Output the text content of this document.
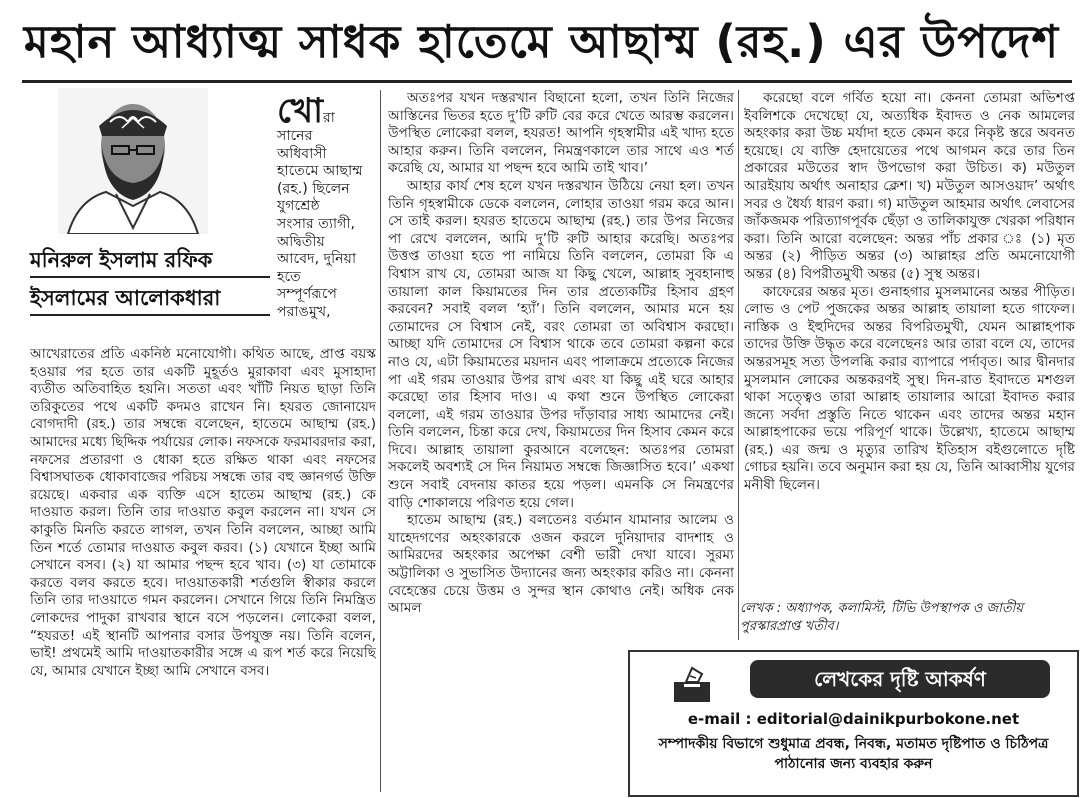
মহান আধ্যাত্ম সাধক হাতেমে আছাম্ম (রহ.) এর উপদেশ
মনিরুল ইসলাম রফিক
ইসলামের আলোকধারা
খোরা
সানের
অধিবাসী
হাতেমে আছাম্ম
(রহ.) ছিলেন
যুগশ্রেষ্ঠ
সংসার ত্যাগী,
অদ্বিতীয়
আবেদ, দুনিয়া
হতে
সম্পূর্ণরূপে
পরাঙমুখ,

আখেরাতের প্রতি একনিষ্ঠ মনোযোগী। কথিত আছে, প্রাপ্ত বয়স্ক হওয়ার পর হতে তার একটি মুহূর্তও মুরাকাবা এবং মুসাহাদা ব্যতীত অতিবাহিত হয়নি। সততা এবং খাঁটি নিয়ত ছাড়া তিনি তরিকুতের পথে একটি কদমও রাখেন নি। হযরত জোনায়েদ বোগদাদী (রহ.) তার সম্বন্ধে বলেছেন, হাতেমে আছাম্ম (রহ.) আমাদের মধ্যে ছিদ্দিক পর্যায়ের লোক। নফসকে ফরমাবরদার করা, নফসের প্রতারণা ও ধোকা হতে রক্ষিত থাকা এবং নফসের বিশ্বাসঘাতক ধোকাবাজের পরিচয় সম্বন্ধে তার বহু জ্ঞানগর্ভ উক্তি রয়েছে। একবার এক ব্যক্তি এসে হাতেম আছাম্ম (রহ.) কে দাওয়াত করল। তিনি তার দাওয়াত কবুল করলেন না। যখন সে কাকুতি মিনতি করতে লাগল, তখন তিনি বললেন, আচ্ছা আমি তিন শর্তে তোমার দাওয়াত কবুল করব। (১) যেখানে ইচ্ছা আমি সেখানে বসব। (২) যা আমার পছন্দ হবে খাব। (৩) যা তোমাকে করতে বলব করতে হবে। দাওয়াতকারী শর্তগুলি স্বীকার করলে তিনি তার দাওয়াতে গমন করলেন। সেখানে গিয়ে তিনি নিমন্ত্রিত লোকদের পাদুকা রাখবার স্থানে বসে পড়লেন। লোকেরা বলল, “হযরত! এই স্থানটি আপনার বসার উপযুক্ত নয়। তিনি বলেন, ভাই! প্রথমেই আমি দাওয়াতকারীর সঙ্গে এ রূপ শর্ত করে নিয়েছি যে, আমার যেখানে ইচ্ছা আমি সেখানে বসব।

অতঃপর যখন দস্তরখান বিছানো হলো, তখন তিনি নিজের আস্তিনের ভিতর হতে দু’টি রুটি বের করে খেতে আরম্ভ করলেন। উপস্থিত লোকেরা বলল, হযরত! আপনি গৃহস্বামীর এই খাদ্য হতে আহার করুন। তিনি বললেন, নিমন্ত্রণকালে তার সাথে এও শর্ত করেছি যে, আমার যা পছন্দ হবে আমি তাই খাব।’

আহার কার্য শেষ হলে যখন দস্তরখান উঠিয়ে নেয়া হল। তখন তিনি গৃহস্বামীকে ডেকে বললেন, লোহার তাওয়া গরম করে আন। সে তাই করল। হযরত হাতেমে আছাম্ম (রহ.) তার উপর নিজের পা রেখে বললেন, আমি দু’টি রুটি আহার করেছি। অতঃপর উত্তপ্ত তাওয়া হতে পা নামিয়ে তিনি বললেন, তোমরা কি এ বিশ্বাস রাখ যে, তোমরা আজ যা কিছু খেলে, আল্লাহ সুবহানাহু তায়ালা কাল কিয়ামতের দিন তার প্রত্যেকটির হিসাব গ্রহণ করবেন? সবাই বলল ‘হ্যাঁ’। তিনি বললেন, আমার মনে হয় তোমাদের সে বিশ্বাস নেই, বরং তোমরা তা অবিশ্বাস করছো। আচ্ছা যদি তোমাদের সে বিশ্বাস থাকে তবে তোমরা কল্পনা করে নাও যে, এটা কিয়ামতের ময়দান এবং পালাক্রমে প্রত্যেকে নিজের পা এই গরম তাওয়ার উপর রাখ এবং যা কিছু এই ঘরে আহার করেছো তার হিসাব দাও। এ কথা শুনে উপস্থিত লোকেরা বললো, এই গরম তাওয়ার উপর দাঁড়াবার সাধ্য আমাদের নেই। তিনি বললেন, চিন্তা করে দেখ, কিয়ামতের দিন হিসাব কেমন করে দিবে। আল্লাহ তায়ালা কুরআনে বলেছেন: অতঃপর তোমরা সকলেই অবশ্যই সে দিন নিয়ামত সম্বন্ধে জিজ্ঞাসিত হবে।’ একথা শুনে সবাই বেদনায় কাতর হয়ে পড়ল। এমনকি সে নিমন্ত্রণের বাড়ি শোকালয়ে পরিণত হয়ে গেল।

হাতেম আছাম্ম (রহ.) বলতেনঃ বর্তমান যামানার আলেম ও যাহেদগণের অহংকারকে ওজন করলে দুনিয়াদার বাদশাহ ও আমিরদের অহংকার অপেক্ষা বেশী ভারী দেখা যাবে। সুরম্য অট্টালিকা ও সুভাসিত উদ্যানের জন্য অহংকার করিও না। কেননা বেহেস্তের চেয়ে উত্তম ও সুন্দর স্থান কোথাও নেই। অধিক নেক আমল

করেছো বলে গর্বিত হয়ো না। কেননা তোমরা অভিশপ্ত ইবলিশকে দেখেছো যে, অত্যধিক ইবাদত ও নেক আমলের অহংকার করা উচ্চ মর্যাদা হতে কেমন করে নিকৃষ্ট স্তরে অবনত হয়েছে। যে ব্যক্তি হেদায়েতের পথে আগমন করে তার তিন প্রকারের মউতের স্বাদ উপভোগ করা উচিত। ক) মউতুল আরইয়ায অর্থাৎ অনাহার ক্লেশ। খ) মউতুল আসওয়াদ’ অর্থাৎ সবর ও ধৈর্য্য ধারণ করা। গ) মাউতুল আহমার অর্থাৎ লেবাসের জাঁকজমক পরিত্যাগপূর্বক ছেঁড়া ও তালিকাযুক্ত খেরকা পরিধান করা। তিনি আরো বলেছেন: অন্তর পাঁচ প্রকার ঃ (১) মৃত অন্তর (২) পীড়িত অন্তর (৩) আল্লাহর প্রতি অমনোযোগী অন্তর (৪) বিপরীতমুখী অন্তর (৫) সুস্থ অন্তর।

কাফেরের অন্তর মৃত। গুনাহগার মুসলমানের অন্তর পীড়িত। লোভ ও পেট পুজকের অন্তর আল্লাহ তায়ালা হতে গাফেল। নাস্তিক ও ইহুদিদের অন্তর বিপরিতমুখী, যেমন আল্লাহপাক তাদের উক্তি উদ্ধৃত করে বলেছেনঃ আর তারা বলে যে, তাদের অন্তরসমূহ সত্য উপলব্ধি করার ব্যাপারে পর্দাবৃত। আর দ্বীনদার মুসলমান লোকের অন্তকরণই সুস্থ। দিন-রাত ইবাদতে মশগুল থাকা সত্ত্বেও তারা আল্লাহ তায়ালার আরো ইবাদত করার জন্যে সর্বদা প্রস্তুতি নিতে থাকেন এবং তাদের অন্তর মহান আল্লাহপাকের ভয়ে পরিপূর্ণ থাকে। উল্লেখ্য, হাতেমে আছাম্ম (রহ.) এর জন্ম ও মৃত্যুর তারিখ ইতিহাস বইগুলোতে দৃষ্টি গোচর হয়নি। তবে অনুমান করা হয় যে, তিনি আব্বাসীয় যুগের মনীষী ছিলেন।

লেখক : অধ্যাপক, কলামিস্ট, টিভি উপস্থাপক ও জাতীয় পুরস্কারপ্রাপ্ত খতীব।
লেখকের দৃষ্টি আকর্ষণ
e-mail : editorial@dainikpurbokone.net
সম্পাদকীয় বিভাগে শুধুমাত্র প্রবন্ধ, নিবন্ধ, মতামত দৃষ্টিপাত ও চিঠিপত্র পাঠানোর জন্য ব্যবহার করুন
